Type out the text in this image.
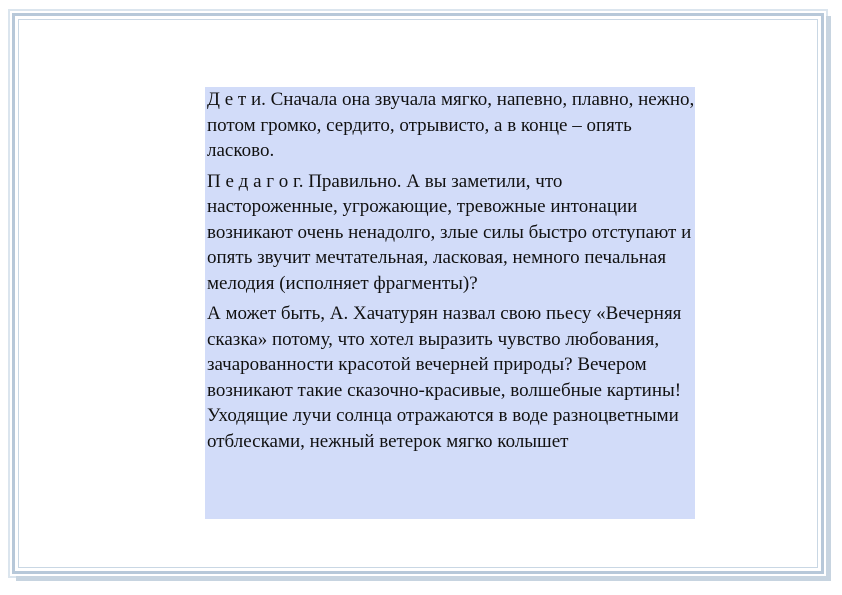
Д е т и. Сначала она звучала мягко, напевно, плавно, нежно, потом громко, сердито, отрывисто, а в конце – опять ласково.

П е д а г о г. Правильно. А вы заметили, что настороженные, угрожающие, тревожные интонации возникают очень ненадолго, злые силы быстро отступают и опять звучит мечтательная, ласковая, немного печальная мелодия (исполняет фрагменты)?

А может быть, А. Хачатурян назвал свою пьесу «Вечерняя сказка» потому, что хотел выразить чувство любования, зачарованности красотой вечерней природы? Вечером возникают такие сказочно-красивые, волшебные картины! Уходящие лучи солнца отражаются в воде разноцветными отблесками, нежный ветерок мягко колышет
